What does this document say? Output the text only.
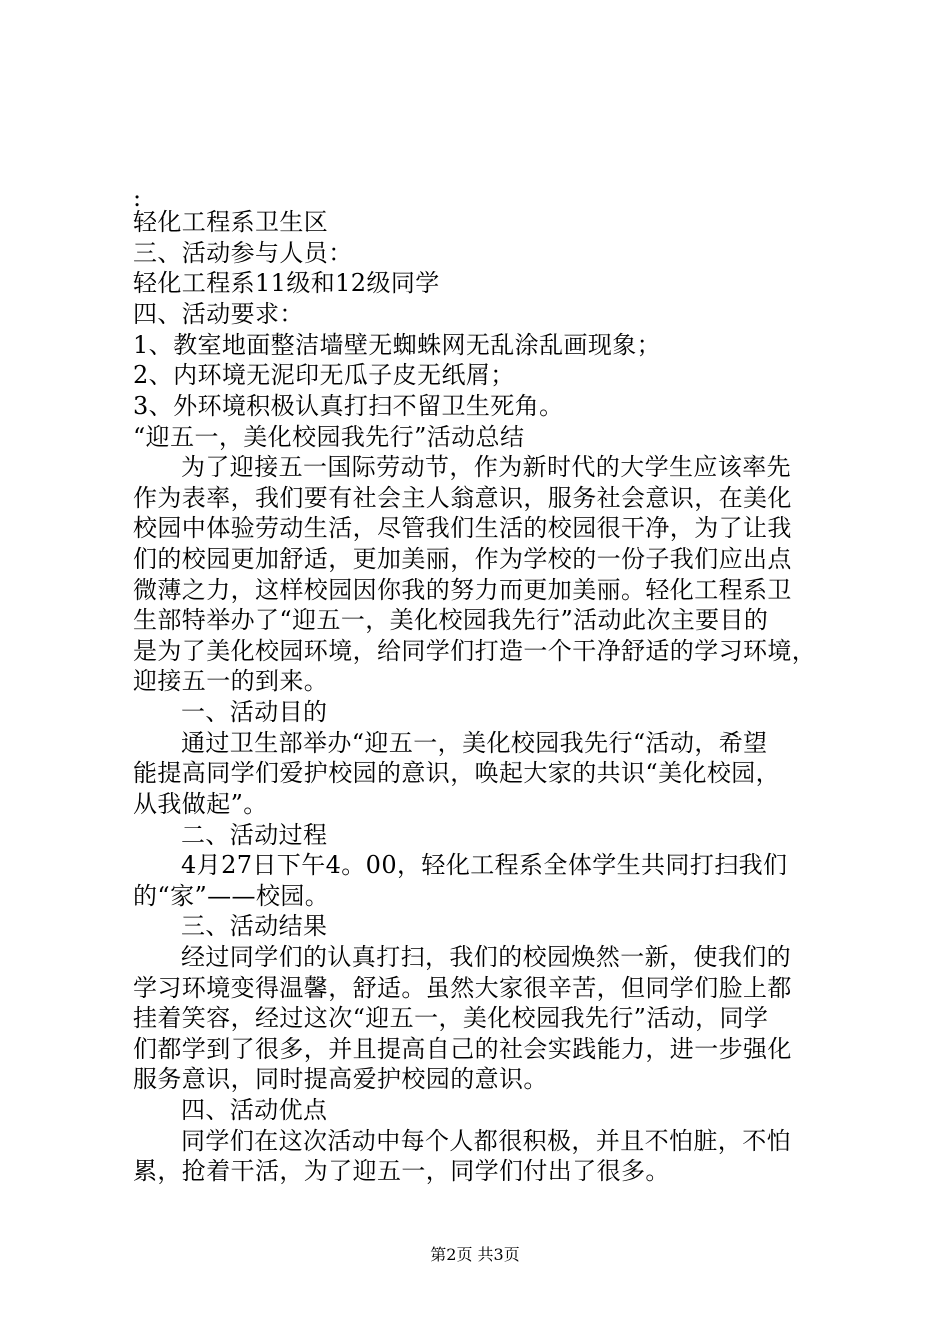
:
轻化工程系卫生区
三、活动参与人员：
轻化工程系11级和12级同学
四、活动要求：
1、教室地面整洁墙壁无蜘蛛网无乱涂乱画现象；
2、内环境无泥印无瓜子皮无纸屑；
3、外环境积极认真打扫不留卫生死角。
“迎五一，美化校园我先行”活动总结
为了迎接五一国际劳动节，作为新时代的大学生应该率先
作为表率，我们要有社会主人翁意识，服务社会意识，在美化
校园中体验劳动生活，尽管我们生活的校园很干净，为了让我
们的校园更加舒适，更加美丽，作为学校的一份子我们应出点
微薄之力，这样校园因你我的努力而更加美丽。轻化工程系卫
生部特举办了“迎五一，美化校园我先行”活动此次主要目的
是为了美化校园环境，给同学们打造一个干净舒适的学习环境，
迎接五一的到来。
一、活动目的
通过卫生部举办“迎五一，美化校园我先行“活动，希望
能提高同学们爱护校园的意识，唤起大家的共识“美化校园，
从我做起”。
二、活动过程
4月27日下午4。00，轻化工程系全体学生共同打扫我们
的“家”——校园。
三、活动结果
经过同学们的认真打扫，我们的校园焕然一新，使我们的
学习环境变得温馨，舒适。虽然大家很辛苦，但同学们脸上都
挂着笑容，经过这次“迎五一，美化校园我先行”活动，同学
们都学到了很多，并且提高自己的社会实践能力，进一步强化
服务意识，同时提高爱护校园的意识。
四、活动优点
同学们在这次活动中每个人都很积极，并且不怕脏，不怕
累，抢着干活，为了迎五一，同学们付出了很多。
第2页 共3页
